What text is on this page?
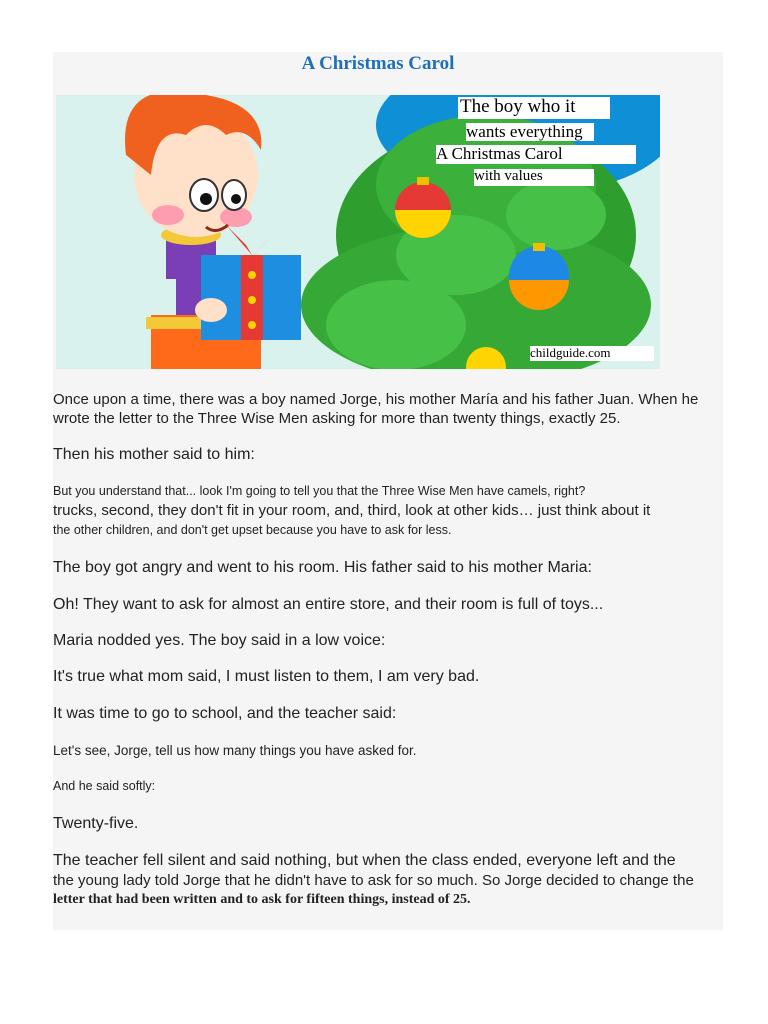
A Christmas Carol
The boy who it
wants everything
A Christmas Carol
with values
childguide.com

Once upon a time, there was a boy named Jorge, his mother María and his father Juan. When he wrote the letter to the Three Wise Men asking for more than twenty things, exactly 25.

Then his mother said to him:

But you understand that... look I'm going to tell you that the Three Wise Men have camels, right?

trucks, second, they don't fit in your room, and, third, look at other kids… just think about it

the other children, and don't get upset because you have to ask for less.

The boy got angry and went to his room. His father said to his mother Maria:

Oh! They want to ask for almost an entire store, and their room is full of toys...

Maria nodded yes. The boy said in a low voice:

It's true what mom said, I must listen to them, I am very bad.

It was time to go to school, and the teacher said:

Let's see, Jorge, tell us how many things you have asked for.

And he said softly:

Twenty-five.

The teacher fell silent and said nothing, but when the class ended, everyone left and the

the young lady told Jorge that he didn't have to ask for so much. So Jorge decided to change the

letter that had been written and to ask for fifteen things, instead of 25.
